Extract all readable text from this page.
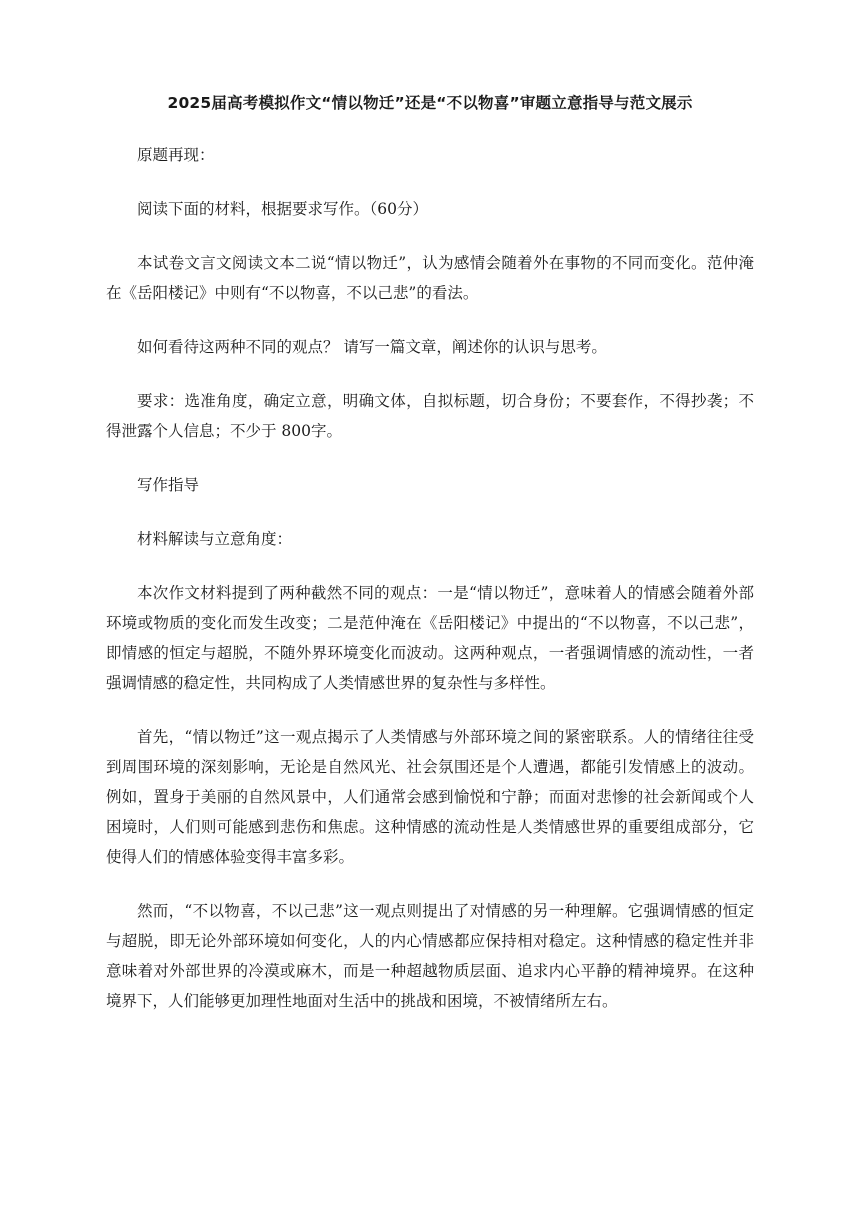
2025届高考模拟作文“情以物迁”还是“不以物喜”审题立意指导与范文展示

原题再现：

阅读下面的材料，根据要求写作。（60分）

本试卷文言文阅读文本二说“情以物迁”，认为感情会随着外在事物的不同而变化。范仲淹在《岳阳楼记》中则有“不以物喜，不以己悲”的看法。

如何看待这两种不同的观点？ 请写一篇文章，阐述你的认识与思考。

要求：选准角度，确定立意，明确文体，自拟标题，切合身份；不要套作，不得抄袭；不得泄露个人信息；不少于 800字。

写作指导

材料解读与立意角度：

本次作文材料提到了两种截然不同的观点：一是“情以物迁”，意味着人的情感会随着外部环境或物质的变化而发生改变；二是范仲淹在《岳阳楼记》中提出的“不以物喜，不以己悲”，即情感的恒定与超脱，不随外界环境变化而波动。这两种观点，一者强调情感的流动性，一者强调情感的稳定性，共同构成了人类情感世界的复杂性与多样性。

首先，“情以物迁”这一观点揭示了人类情感与外部环境之间的紧密联系。人的情绪往往受到周围环境的深刻影响，无论是自然风光、社会氛围还是个人遭遇，都能引发情感上的波动。例如，置身于美丽的自然风景中，人们通常会感到愉悦和宁静；而面对悲惨的社会新闻或个人困境时，人们则可能感到悲伤和焦虑。这种情感的流动性是人类情感世界的重要组成部分，它使得人们的情感体验变得丰富多彩。

然而，“不以物喜，不以己悲”这一观点则提出了对情感的另一种理解。它强调情感的恒定与超脱，即无论外部环境如何变化，人的内心情感都应保持相对稳定。这种情感的稳定性并非意味着对外部世界的冷漠或麻木，而是一种超越物质层面、追求内心平静的精神境界。在这种境界下，人们能够更加理性地面对生活中的挑战和困境，不被情绪所左右。
